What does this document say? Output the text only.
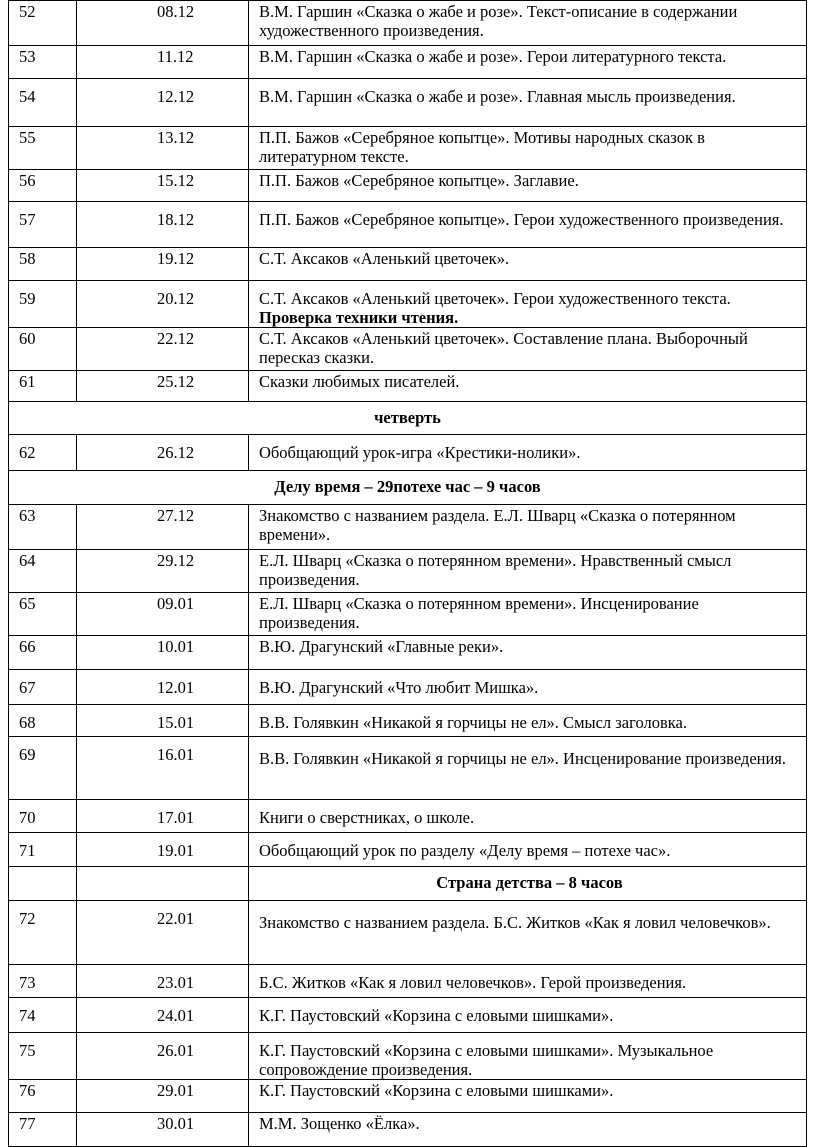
52	08.12	В.М. Гаршин «Сказка о жабе и розе». Текст-описание в содержании художественного произведения.
53	11.12	В.М. Гаршин «Сказка о жабе и розе». Герои литературного текста.
54	12.12	В.М. Гаршин «Сказка о жабе и розе». Главная мысль произведения.
55	13.12	П.П. Бажов «Серебряное копытце». Мотивы народных сказок в литературном тексте.
56	15.12	П.П. Бажов «Серебряное копытце». Заглавие.
57	18.12	П.П. Бажов «Серебряное копытце». Герои художественного произведения.
58	19.12	С.Т. Аксаков «Аленький цветочек».
59	20.12	С.Т. Аксаков «Аленький цветочек». Герои художественного текста. Проверка техники чтения.
60	22.12	С.Т. Аксаков «Аленький цветочек». Составление плана. Выборочный пересказ сказки.
61	25.12	Сказки любимых писателей.
четверть		
62	26.12	Обобщающий урок-игра «Крестики-нолики».
Делу время – 29потехе час – 9 часов		
63	27.12	Знакомство с названием раздела. Е.Л. Шварц «Сказка о потерянном времени».
64	29.12	Е.Л. Шварц «Сказка о потерянном времени». Нравственный смысл произведения.
65	09.01	Е.Л. Шварц «Сказка о потерянном времени». Инсценирование произведения.
66	10.01	В.Ю. Драгунский «Главные реки».
67	12.01	В.Ю. Драгунский «Что любит Мишка».
68	15.01	В.В. Голявкин «Никакой я горчицы не ел». Смысл заголовка.
69	16.01	В.В. Голявкин «Никакой я горчицы не ел». Инсценирование произведения.
70	17.01	Книги о сверстниках, о школе.
71	19.01	Обобщающий урок по разделу «Делу время – потехе час».
		Страна детства – 8 часов
72	22.01	Знакомство с названием раздела. Б.С. Житков «Как я ловил человечков».
73	23.01	Б.С. Житков «Как я ловил человечков». Герой произведения.
74	24.01	К.Г. Паустовский «Корзина с еловыми шишками».
75	26.01	К.Г. Паустовский «Корзина с еловыми шишками». Музыкальное сопровождение произведения.
76	29.01	К.Г. Паустовский «Корзина с еловыми шишками».
77	30.01	М.М. Зощенко «Ёлка».
